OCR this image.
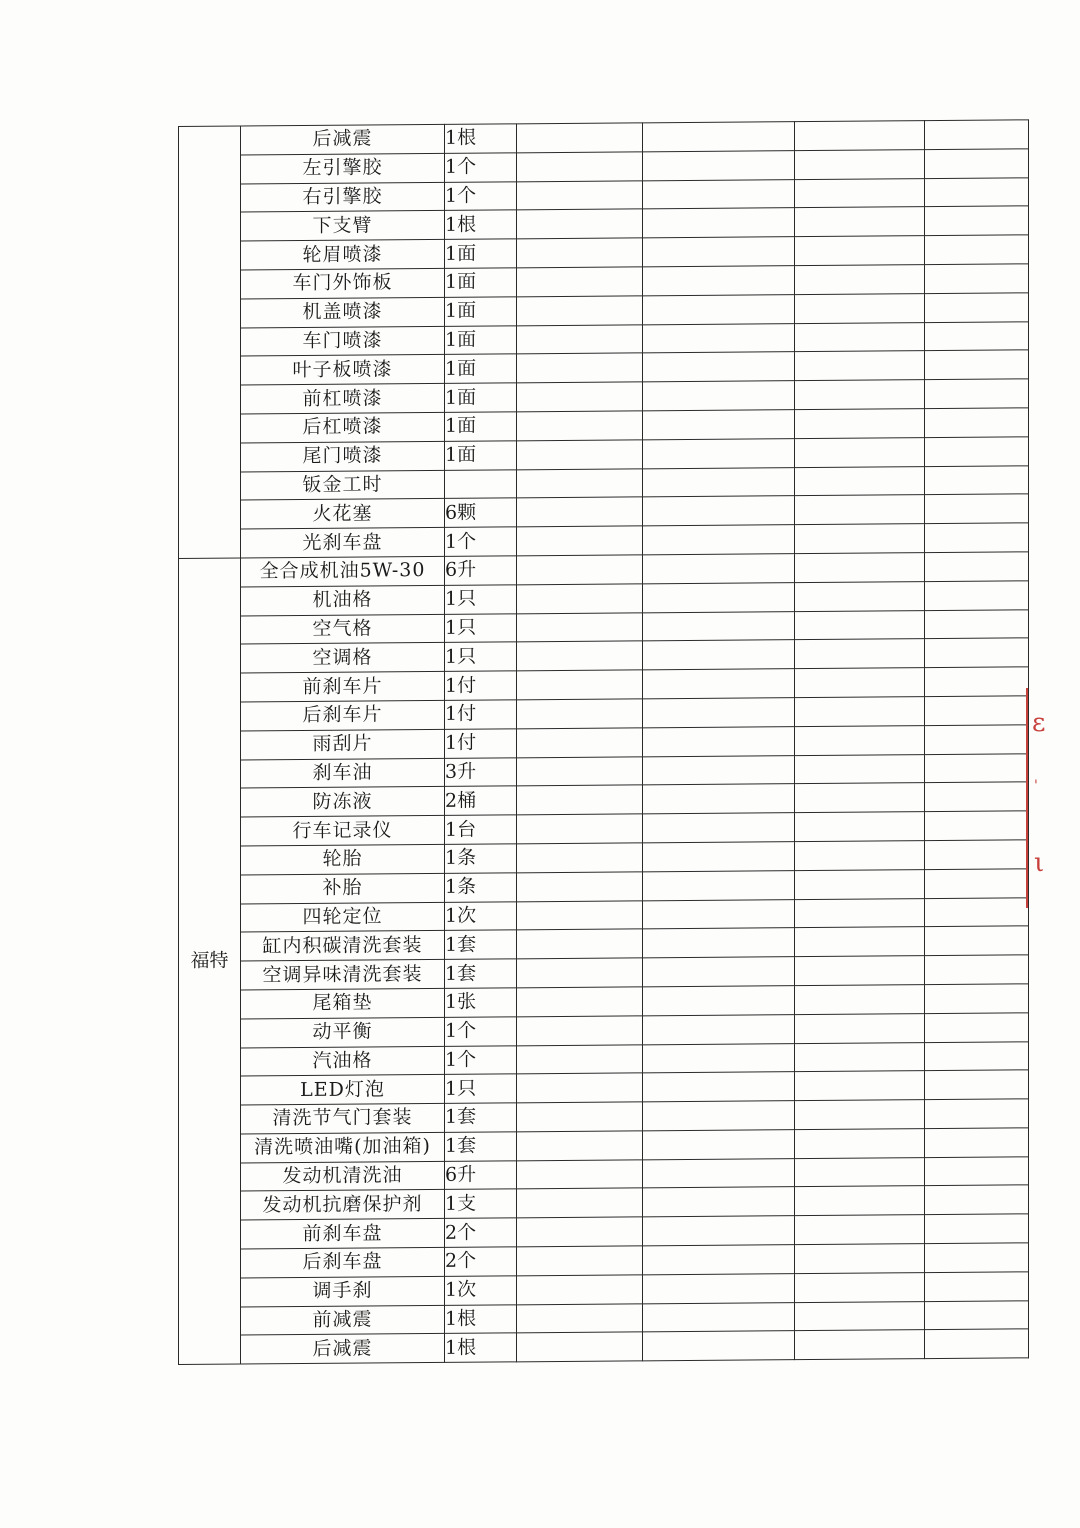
	后减震	1根				
	左引擎胶	1个				
	右引擎胶	1个				
	下支臂	1根				
	轮眉喷漆	1面				
	车门外饰板	1面				
	机盖喷漆	1面				
	车门喷漆	1面				
	叶子板喷漆	1面				
	前杠喷漆	1面				
	后杠喷漆	1面				
	尾门喷漆	1面				
	钣金工时					
	火花塞	6颗				
	光刹车盘	1个				
福特	全合成机油5W-30	6升				
	机油格	1只				
	空气格	1只				
	空调格	1只				
	前刹车片	1付				
	后刹车片	1付				
	雨刮片	1付				
	刹车油	3升				
	防冻液	2桶				
	行车记录仪	1台				
	轮胎	1条				
	补胎	1条				
	四轮定位	1次				
	缸内积碳清洗套装	1套				
	空调异味清洗套装	1套				
	尾箱垫	1张				
	动平衡	1个				
	汽油格	1个				
	LED灯泡	1只				
	清洗节气门套装	1套				
	清洗喷油嘴(加油箱)	1套				
	发动机清洗油	6升				
	发动机抗磨保护剂	1支				
	前刹车盘	2个				
	后刹车盘	2个				
	调手刹	1次				
	前减震	1根				
	后减震	1根				
ε
'
ι
